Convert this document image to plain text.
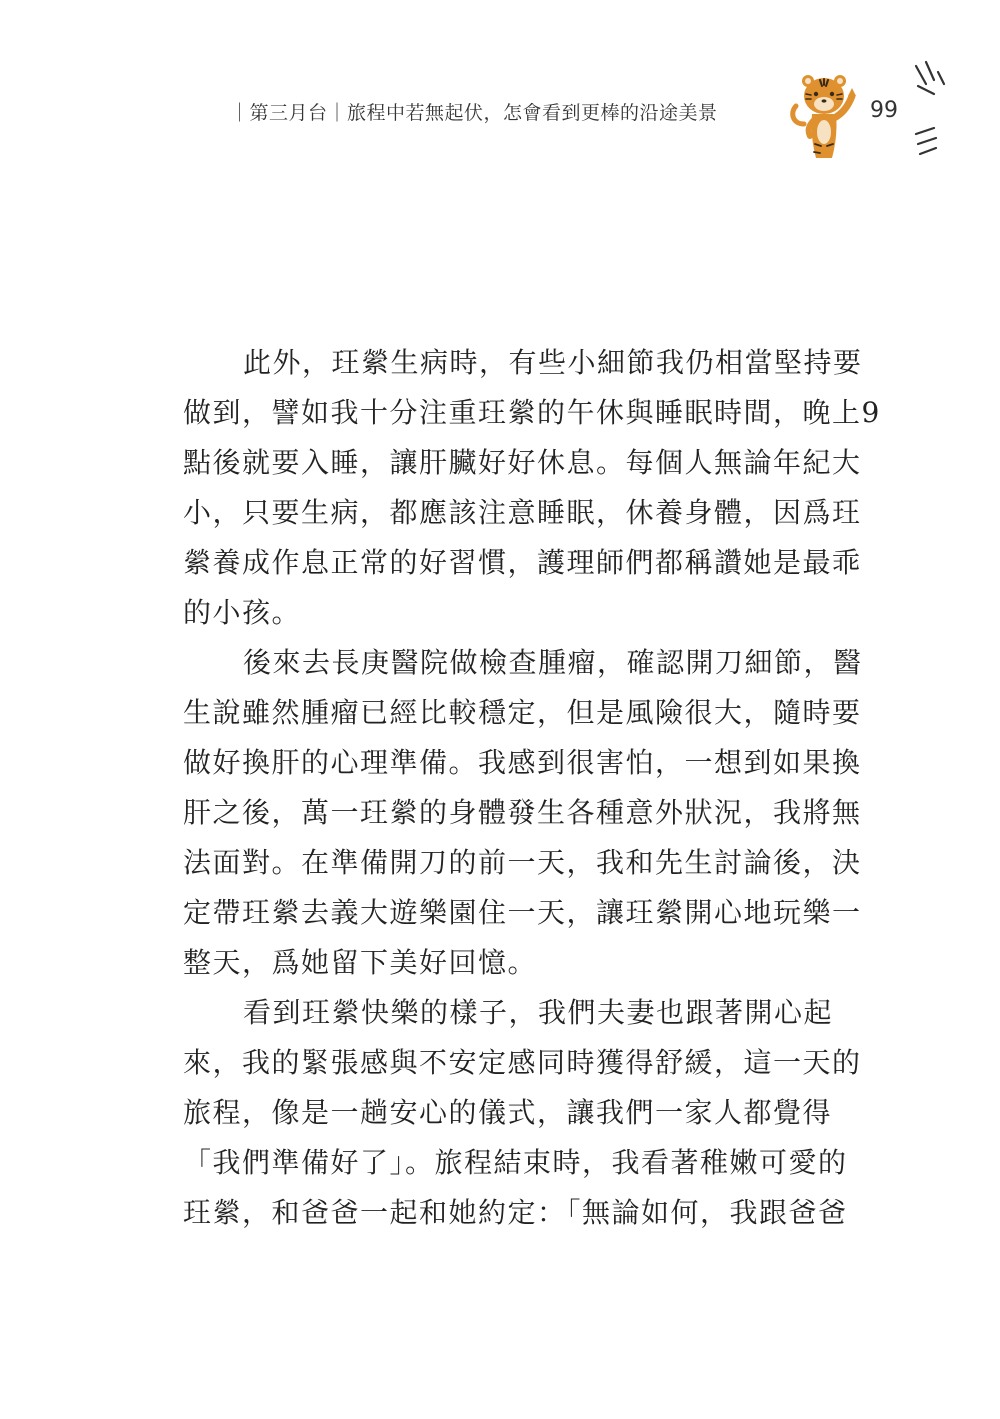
｜第三月台｜旅程中若無起伏，怎會看到更棒的沿途美景	99
此外，玨縈生病時，有些小細節我仍相當堅持要
做到，譬如我十分注重玨縈的午休與睡眠時間，晚上9
點後就要入睡，讓肝臟好好休息。每個人無論年紀大
小，只要生病，都應該注意睡眠，休養身體，因爲玨
縈養成作息正常的好習慣，護理師們都稱讚她是最乖
的小孩。
後來去長庚醫院做檢查腫瘤，確認開刀細節，醫
生說雖然腫瘤已經比較穩定，但是風險很大，隨時要
做好換肝的心理準備。我感到很害怕，一想到如果換
肝之後，萬一玨縈的身體發生各種意外狀況，我將無
法面對。在準備開刀的前一天，我和先生討論後，決
定帶玨縈去義大遊樂園住一天，讓玨縈開心地玩樂一
整天，爲她留下美好回憶。
看到玨縈快樂的樣子，我們夫妻也跟著開心起
來，我的緊張感與不安定感同時獲得舒緩，這一天的
旅程，像是一趟安心的儀式，讓我們一家人都覺得
「我們準備好了」。旅程結束時，我看著稚嫩可愛的
玨縈，和爸爸一起和她約定：「無論如何，我跟爸爸
